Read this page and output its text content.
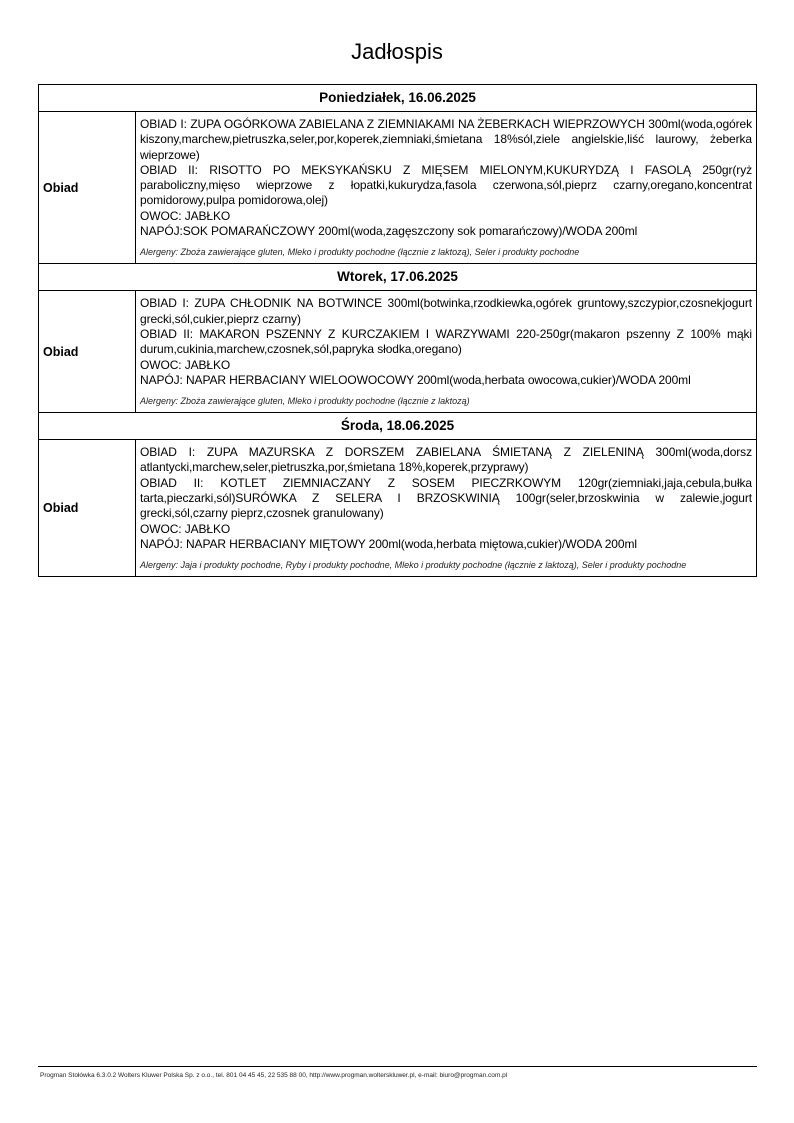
Jadłospis
Poniedziałek, 16.06.2025	
Obiad	OBIAD I: ZUPA OGÓRKOWA ZABIELANA Z ZIEMNIAKAMI NA ŻEBERKACH WIEPRZOWYCH 300ml(woda,ogórek kiszony,marchew,pietruszka,seler,por,koperek,ziemniaki,śmietana 18%sól,ziele angielskie,liść laurowy, żeberka wieprzowe)

OBIAD II: RISOTTO PO MEKSYKAŃSKU Z MIĘSEM MIELONYM,KUKURYDZĄ I FASOLĄ 250gr(ryż paraboliczny,mięso wieprzowe z łopatki,kukurydza,fasola czerwona,sól,pieprz czarny,oregano,koncentrat pomidorowy,pulpa pomidorowa,olej)

OWOC: JABŁKO

NAPÓJ:SOK POMARAŃCZOWY 200ml(woda,zagęszczony sok pomarańczowy)/WODA 200ml

Alergeny: Zboża zawierające gluten, Mleko i produkty pochodne (łącznie z laktozą), Seler i produkty pochodne

Wtorek, 17.06.2025	
Obiad	OBIAD I: ZUPA CHŁODNIK NA BOTWINCE 300ml(botwinka,rzodkiewka,ogórek gruntowy,szczypior,czosnekjogurt grecki,sól,cukier,pieprz czarny)

OBIAD II: MAKARON PSZENNY Z KURCZAKIEM I WARZYWAMI 220-250gr(makaron pszenny Z 100% mąki durum,cukinia,marchew,czosnek,sól,papryka słodka,oregano)

OWOC: JABŁKO

NAPÓJ: NAPAR HERBACIANY WIELOOWOCOWY 200ml(woda,herbata owocowa,cukier)/WODA 200ml

Alergeny: Zboża zawierające gluten, Mleko i produkty pochodne (łącznie z laktozą)

Środa, 18.06.2025	
Obiad	OBIAD I: ZUPA MAZURSKA Z DORSZEM ZABIELANA ŚMIETANĄ Z ZIELENINĄ 300ml(woda,dorsz atlantycki,marchew,seler,pietruszka,por,śmietana 18%,koperek,przyprawy)

OBIAD II: KOTLET ZIEMNIACZANY Z SOSEM PIECZRKOWYM 120gr(ziemniaki,jaja,cebula,bułka tarta,pieczarki,sól)SURÓWKA Z SELERA I BRZOSKWINIĄ 100gr(seler,brzoskwinia w zalewie,jogurt grecki,sól,czarny pieprz,czosnek granulowany)

OWOC: JABŁKO

NAPÓJ: NAPAR HERBACIANY MIĘTOWY 200ml(woda,herbata miętowa,cukier)/WODA 200ml

Alergeny: Jaja i produkty pochodne, Ryby i produkty pochodne, Mleko i produkty pochodne (łącznie z laktozą), Seler i produkty pochodne

Progman Stołówka 6.3.0.2 Wolters Kluwer Polska Sp. z o.o., tel. 801 04 45 45, 22 535 88 00, http://www.progman.wolterskluwer.pl, e-mail: biuro@progman.com.pl
